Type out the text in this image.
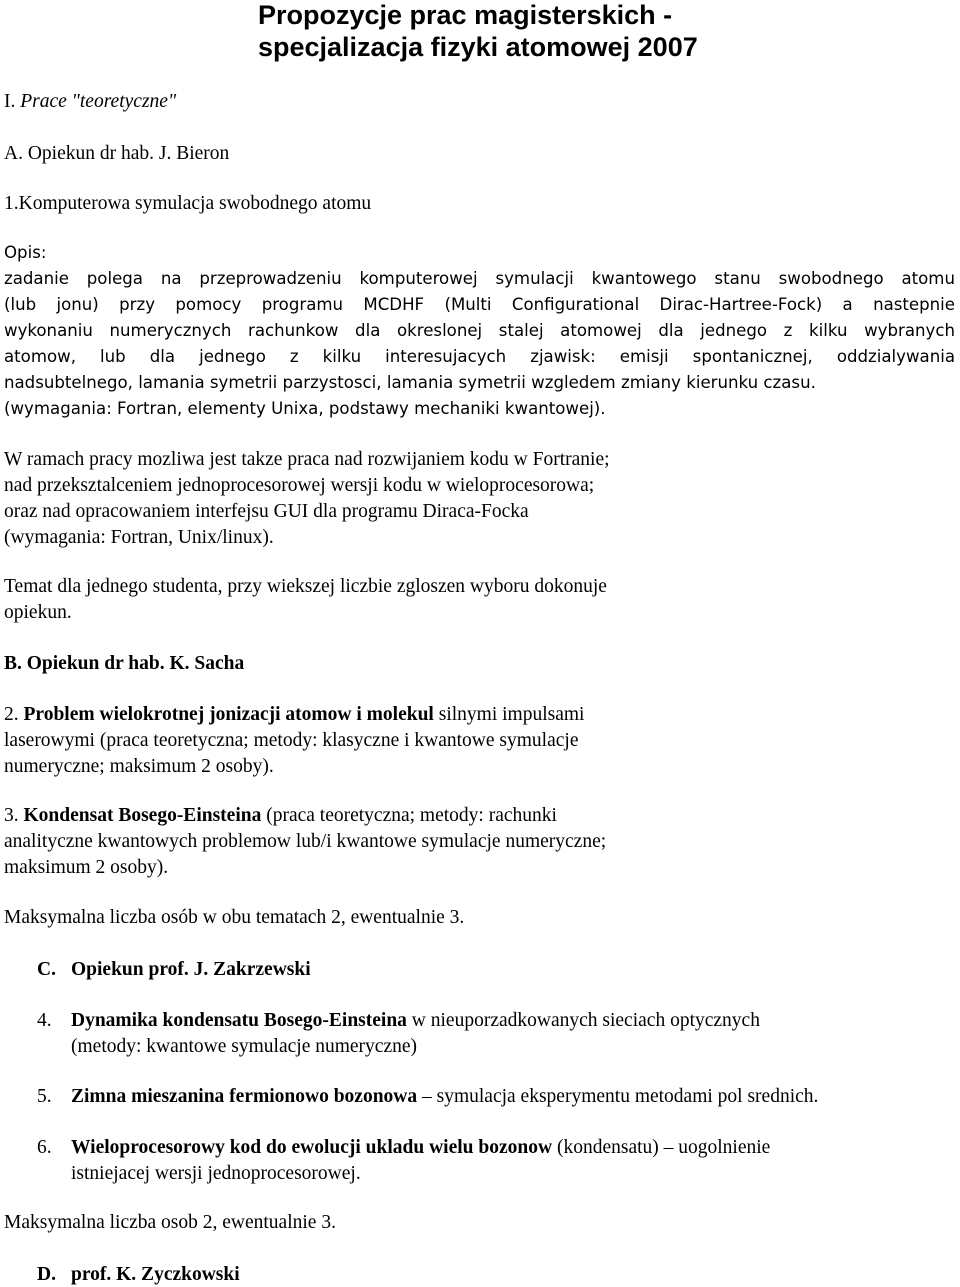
Propozycje prac magisterskich -
specjalizacja fizyki atomowej 2007
I. Prace "teoretyczne"
A. Opiekun dr hab. J. Bieron
1.Komputerowa symulacja swobodnego atomu
Opis:
zadanie polega na przeprowadzeniu komputerowej symulacji kwantowego stanu swobodnego atomu
(lub jonu) przy pomocy programu MCDHF (Multi Configurational Dirac-Hartree-Fock) a nastepnie
wykonaniu numerycznych rachunkow dla okreslonej stalej atomowej dla jednego z kilku wybranych
atomow, lub dla jednego z kilku interesujacych zjawisk: emisji spontanicznej, oddzialywania
nadsubtelnego, lamania symetrii parzystosci, lamania symetrii wzgledem zmiany kierunku czasu.
(wymagania: Fortran, elementy Unixa, podstawy mechaniki kwantowej).
W ramach pracy mozliwa jest takze praca nad rozwijaniem kodu w Fortranie;
nad przeksztalceniem jednoprocesorowej wersji kodu w wieloprocesorowa;
oraz nad opracowaniem interfejsu GUI dla programu Diraca-Focka
(wymagania: Fortran, Unix/linux).
Temat dla jednego studenta, przy wiekszej liczbie zgloszen wyboru dokonuje
opiekun.
B. Opiekun dr hab. K. Sacha
2. Problem wielokrotnej jonizacji atomow i molekul silnymi impulsami
laserowymi (praca teoretyczna; metody: klasyczne i kwantowe symulacje
numeryczne; maksimum 2 osoby).
3. Kondensat Bosego-Einsteina (praca teoretyczna; metody: rachunki
analityczne kwantowych problemow lub/i kwantowe symulacje numeryczne;
maksimum 2 osoby).
Maksymalna liczba osób w obu tematach 2, ewentualnie 3.
C. Opiekun prof. J. Zakrzewski
4. Dynamika kondensatu Bosego-Einsteina w nieuporzadkowanych sieciach optycznych
(metody: kwantowe symulacje numeryczne)
5. Zimna mieszanina fermionowo bozonowa – symulacja eksperymentu metodami pol srednich.
6. Wieloprocesorowy kod do ewolucji ukladu wielu bozonow (kondensatu) – uogolnienie
istniejacej wersji jednoprocesorowej.
Maksymalna liczba osob 2, ewentualnie 3.
D. prof. K. Zyczkowski
